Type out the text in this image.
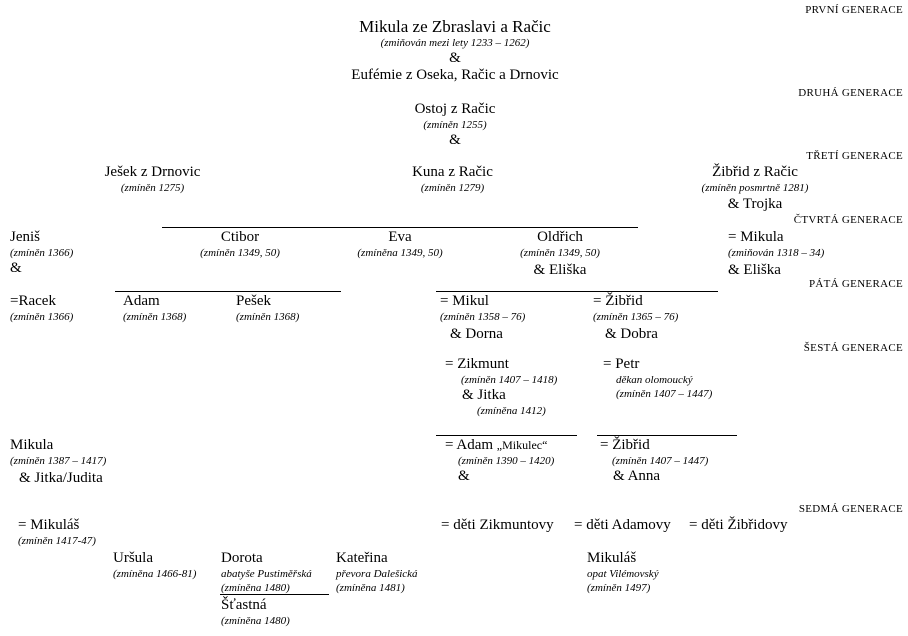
PRVNÍ GENERACE
DRUHÁ GENERACE
TŘETÍ GENERACE
ČTVRTÁ GENERACE
PÁTÁ GENERACE
ŠESTÁ GENERACE
SEDMÁ GENERACE
Mikula ze Zbraslavi a Račic
(zmiňován mezi lety 1233 – 1262)
&
Eufémie z Oseka, Račic a Drnovic
Ostoj z Račic
(zmíněn 1255)
&
Ješek z Drnovic
(zmíněn 1275)
Kuna z Račic
(zmíněn 1279)
Žibřid z Račic
(zmíněn posmrtně 1281)
& Trojka
Jeniš
(zmíněn 1366)
&
Ctibor
(zmíněn 1349, 50)
Eva
(zmíněna 1349, 50)
Oldřich
(zmíněn 1349, 50)
& Eliška
= Mikula
(zmiňován 1318 – 34)
& Eliška
=Racek
(zmíněn 1366)
Adam
(zmíněn 1368)
Pešek
(zmíněn 1368)
= Mikul
(zmíněn 1358 – 76)
& Dorna
= Žibřid
(zmíněn 1365 – 76)
& Dobra
= Zikmunt
(zmíněn 1407 – 1418)
& Jitka
(zmíněna 1412)
= Petr
děkan olomoucký
(zmíněn 1407 – 1447)
Mikula
(zmíněn 1387 – 1417)
& Jitka/Judita
= Adam „Mikulec“
(zmíněn 1390 – 1420)
&
= Žibřid
(zmíněn 1407 – 1447)
& Anna
= Mikuláš
(zmíněn 1417-47)
= děti Zikmuntovy = děti Adamovy = děti Žibřidovy
Uršula
(zmíněna 1466-81)
Dorota
abatyše Pustiměřská
(zmíněna 1480)
Kateřina
převora Dalešická
(zmíněna 1481)
Šťastná
(zmíněna 1480)
Mikuláš
opat Vilémovský
(zmíněn 1497)
